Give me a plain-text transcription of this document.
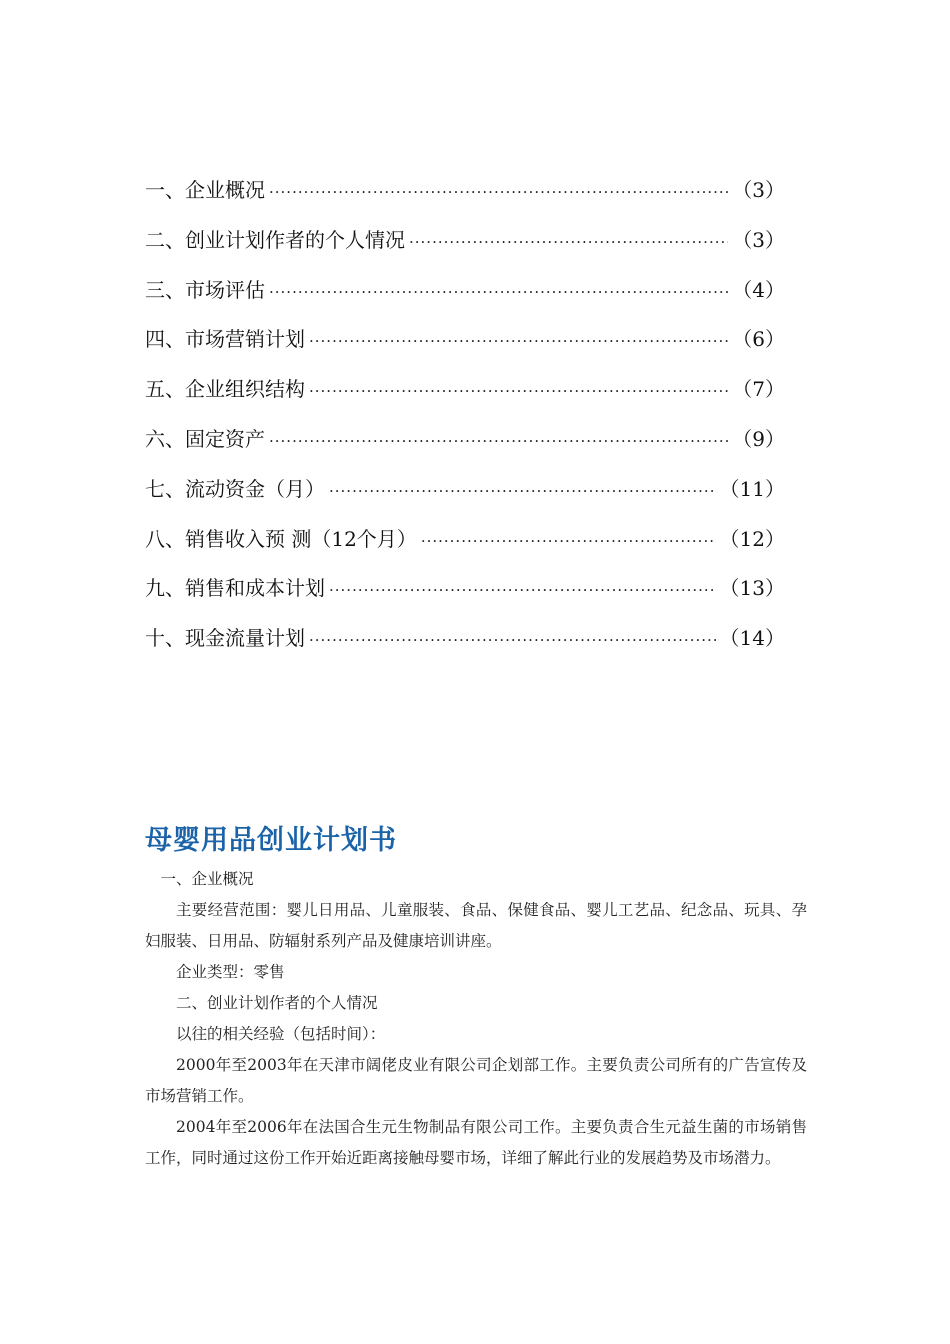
一、企业概况 ·····	（3）
二、创业计划作者的个人情况 ·····	（3）
三、市场评估 ·····	（4）
四、市场营销计划 ·····	（6）
五、企业组织结构 ·····	（7）
六、固定资产 ·····	（9）
七、流动资金（月） ·····	（11）
八、销售收入预 测（12个月） ·····	（12）
九、销售和成本计划 ·····	（13）
十、现金流量计划 ·····	（14）
母婴用品创业计划书

一、企业概况

主要经营范围：婴儿日用品、儿童服装、食品、保健食品、婴儿工艺品、纪念品、玩具、孕妇服装、日用品、防辐射系列产品及健康培训讲座。

企业类型：零售

二、创业计划作者的个人情况

以往的相关经验（包括时间）：

2000年至2003年在天津市阔佬皮业有限公司企划部工作。主要负责公司所有的广告宣传及市场营销工作。

2004年至2006年在法国合生元生物制品有限公司工作。主要负责合生元益生菌的市场销售工作，同时通过这份工作开始近距离接触母婴市场，详细了解此行业的发展趋势及市场潜力。
